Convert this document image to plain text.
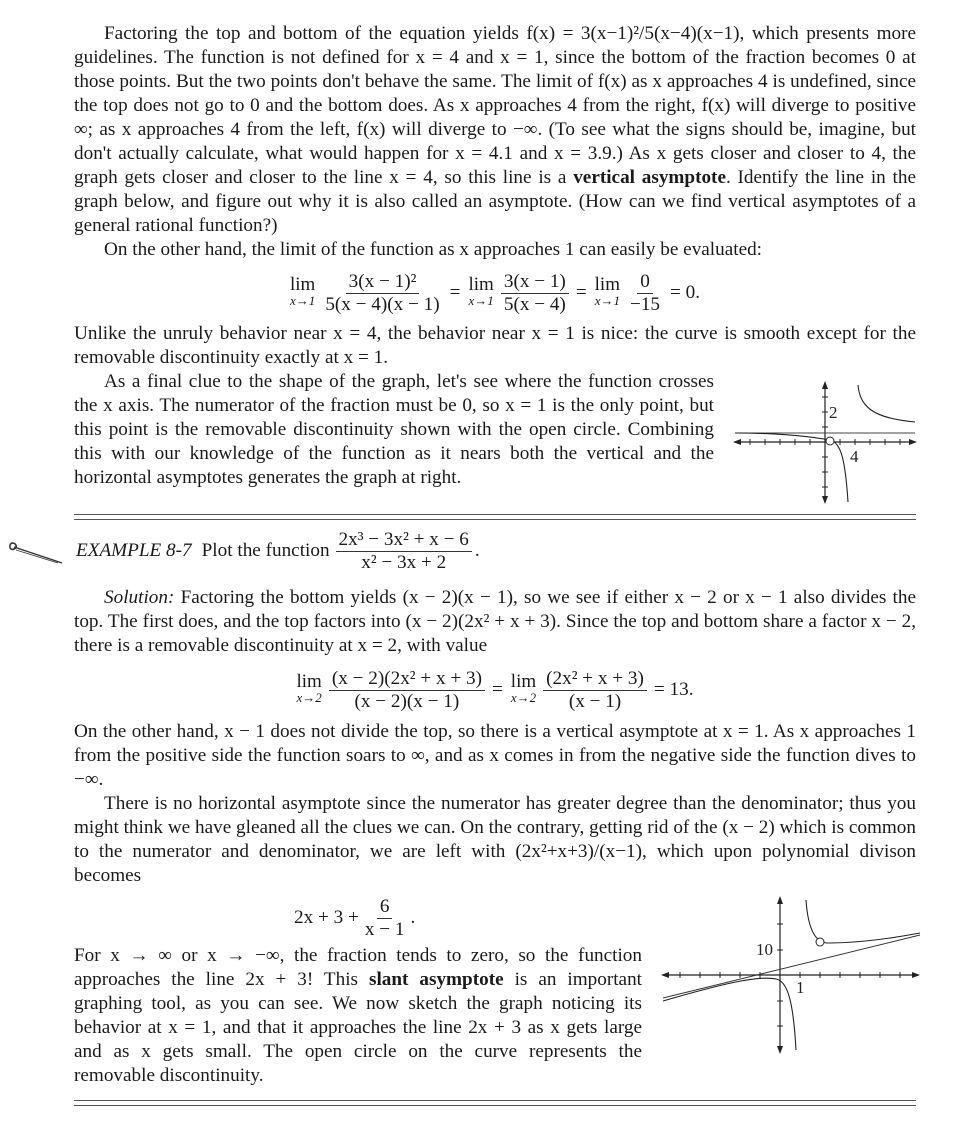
Factoring the top and bottom of the equation yields f(x) = 3(x−1)²/5(x−4)(x−1), which presents more guidelines. The function is not defined for x = 4 and x = 1, since the bottom of the fraction becomes 0 at those points. But the two points don't behave the same. The limit of f(x) as x approaches 4 is undefined, since the top does not go to 0 and the bottom does. As x approaches 4 from the right, f(x) will diverge to positive ∞; as x approaches 4 from the left, f(x) will diverge to −∞. (To see what the signs should be, imagine, but don't actually calculate, what would happen for x = 4.1 and x = 3.9.) As x gets closer and closer to 4, the graph gets closer and closer to the line x = 4, so this line is a vertical asymptote. Identify the line in the graph below, and figure out why it is also called an asymptote. (How can we find vertical asymptotes of a general rational function?)

On the other hand, the limit of the function as x approaches 1 can easily be evaluated:

lim
$x\to 1 \frac{\text{3(x − 1)²}}{5(x - 4)(x - 1)} = \lim$
$x\to 1 \frac{3(x - 1)}{5(x - 4)} = \lim$
$x\to 1 \frac{0}{-15} = 0$.

Unlike the unruly behavior near x = 4, the behavior near x = 1 is nice: the curve is smooth except for the removable discontinuity exactly at x = 1.

As a final clue to the shape of the graph, let's see where the function crosses the x axis. The numerator of the fraction must be 0, so x = 1 is the only point, but this point is the removable discontinuity shown with the open circle. Combining this with our knowledge of the function as it nears both the vertical and the horizontal asymptotes generates the graph at right.

2
4
EXAMPLE 8-7 Plot the function $\frac{\text{2x³ − 3x² + x − 6}}{\text{x² − 3x + 2}}$ .

Solution: Factoring the bottom yields (x − 2)(x − 1), so we see if either x − 2 or x − 1 also divides the top. The first does, and the top factors into (x − 2)(2x² + x + 3). Since the top and bottom share a factor x − 2, there is a removable discontinuity at x = 2, with value

lim
$x\to 2 \frac{\text{(x − 2)(2x² + x + 3)}}{(x - 2)(x - 1)} = \lim$
$x\to 2 \frac{\text{(2x² + x + 3)}}{(x - 1)} = 13$.

On the other hand, x − 1 does not divide the top, so there is a vertical asymptote at x = 1. As x approaches 1 from the positive side the function soars to ∞, and as x comes in from the negative side the function dives to −∞.

There is no horizontal asymptote since the numerator has greater degree than the denominator; thus you might think we have gleaned all the clues we can. On the contrary, getting rid of the (x − 2) which is common to the numerator and denominator, we are left with (2x²+x+3)/(x−1), which upon polynomial divison becomes

$2x + 3 + \frac{6}{x - 1}$ .

For x → ∞ or x → −∞, the fraction tends to zero, so the function approaches the line 2x + 3! This slant asymptote is an important graphing tool, as you can see. We now sketch the graph noticing its behavior at x = 1, and that it approaches the line 2x + 3 as x gets large and as x gets small. The open circle on the curve represents the removable discontinuity.

10
1
